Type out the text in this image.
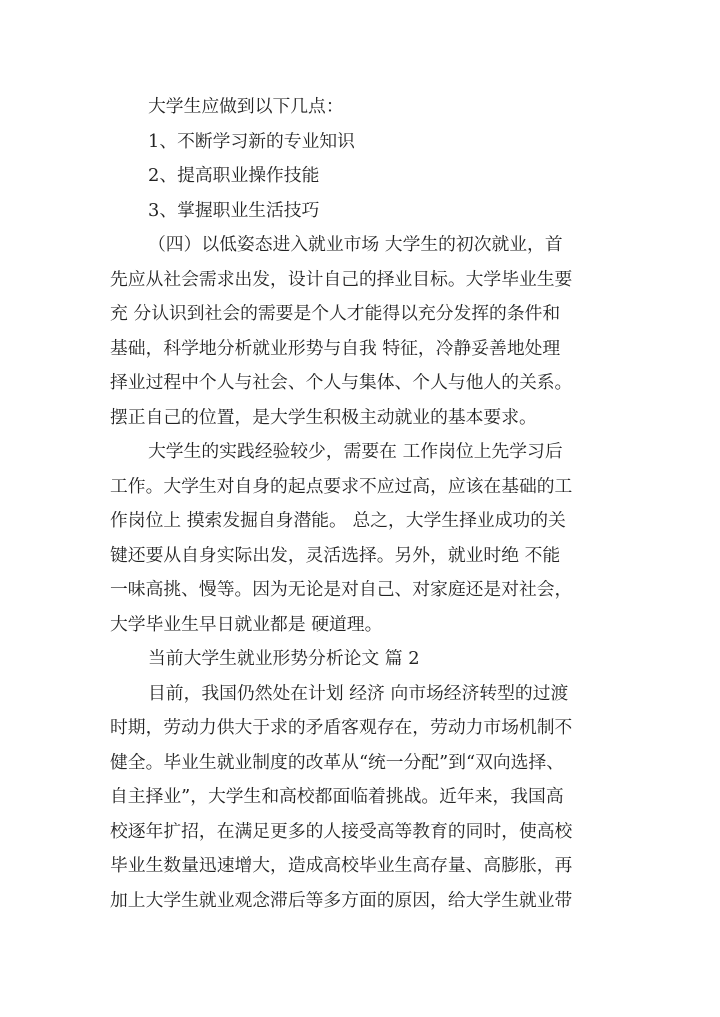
大学生应做到以下几点：

1、不断学习新的专业知识

2、提高职业操作技能

3、掌握职业生活技巧

（四）以低姿态进入就业市场 大学生的初次就业，首

先应从社会需求出发，设计自己的择业目标。大学毕业生要

充 分认识到社会的需要是个人才能得以充分发挥的条件和

基础，科学地分析就业形势与自我 特征，冷静妥善地处理

择业过程中个人与社会、个人与集体、个人与他人的关系。

摆正自己的位置，是大学生积极主动就业的基本要求。

大学生的实践经验较少，需要在 工作岗位上先学习后

工作。大学生对自身的起点要求不应过高，应该在基础的工

作岗位上 摸索发掘自身潜能。 总之，大学生择业成功的关

键还要从自身实际出发，灵活选择。另外，就业时绝 不能

一味高挑、慢等。因为无论是对自己、对家庭还是对社会，

大学毕业生早日就业都是 硬道理。

当前大学生就业形势分析论文 篇 2

目前，我国仍然处在计划 经济 向市场经济转型的过渡

时期，劳动力供大于求的矛盾客观存在，劳动力市场机制不

健全。毕业生就业制度的改革从“统一分配”到“双向选择、

自主择业”，大学生和高校都面临着挑战。近年来，我国高

校逐年扩招，在满足更多的人接受高等教育的同时，使高校

毕业生数量迅速增大，造成高校毕业生高存量、高膨胀，再

加上大学生就业观念滞后等多方面的原因，给大学生就业带
